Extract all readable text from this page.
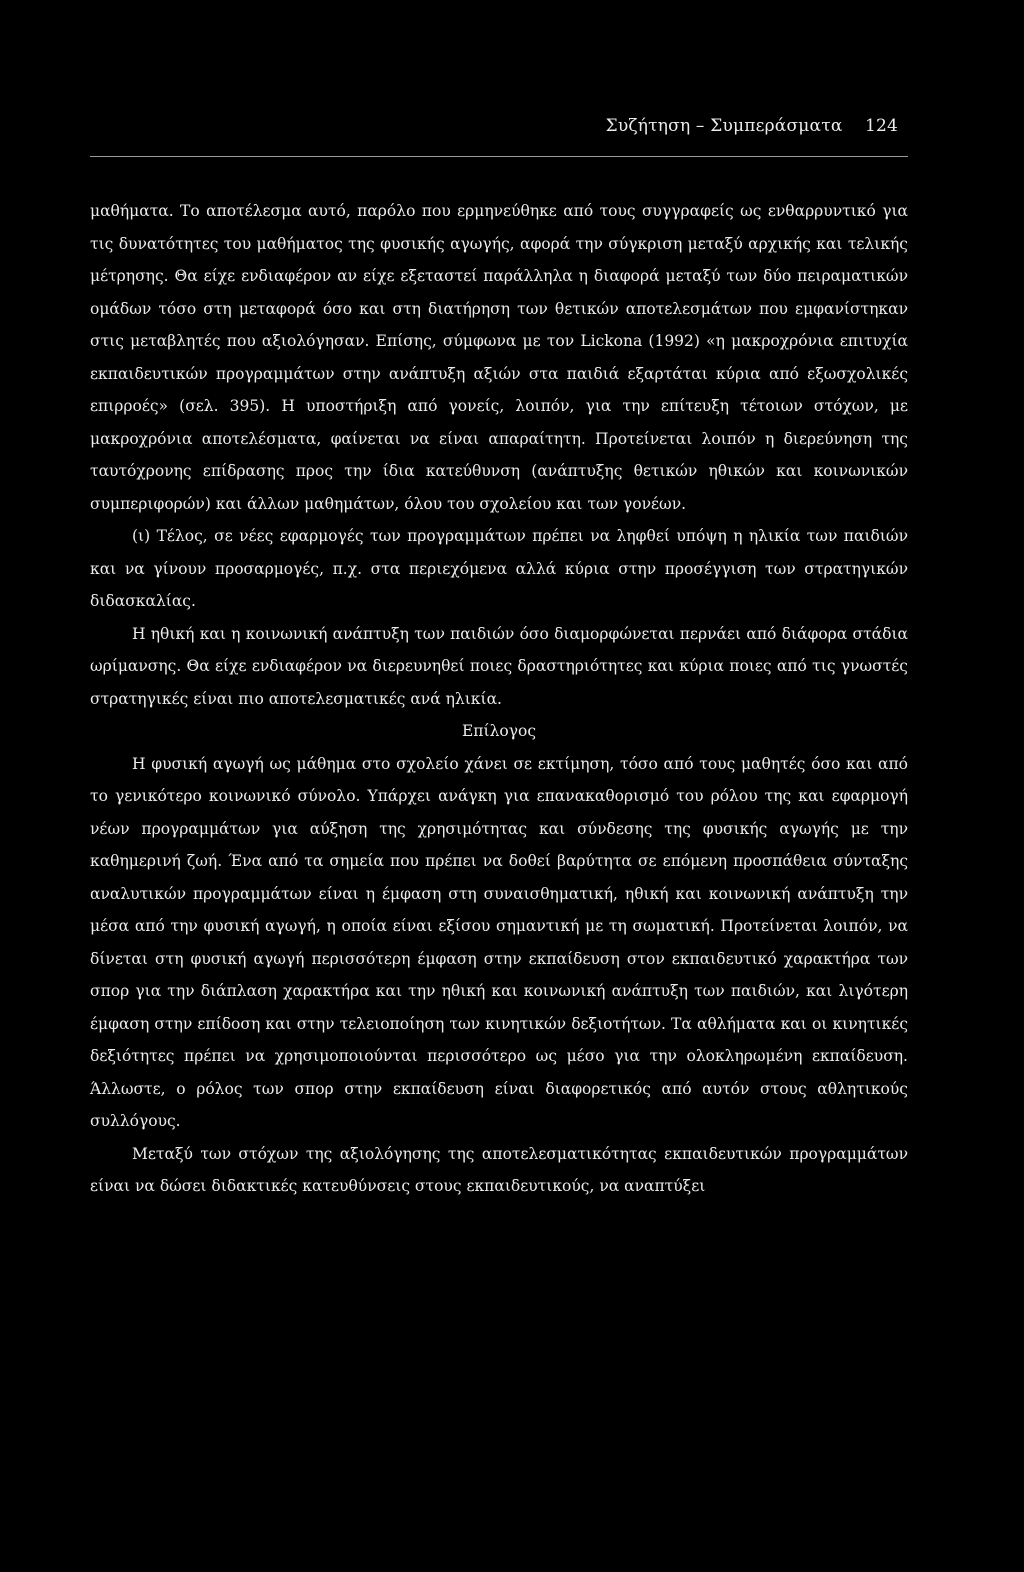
Συζήτηση – Συμπεράσματα 124

μαθήματα. Το αποτέλεσμα αυτό, παρόλο που ερμηνεύθηκε από τους συγγραφείς ως ενθαρρυντικό για τις δυνατότητες του μαθήματος της φυσικής αγωγής, αφορά την σύγκριση μεταξύ αρχικής και τελικής μέτρησης. Θα είχε ενδιαφέρον αν είχε εξεταστεί παράλληλα η διαφορά μεταξύ των δύο πειραματικών ομάδων τόσο στη μεταφορά όσο και στη διατήρηση των θετικών αποτελεσμάτων που εμφανίστηκαν στις μεταβλητές που αξιολόγησαν. Επίσης, σύμφωνα με τον Lickona (1992) «η μακροχρόνια επιτυχία εκπαιδευτικών προγραμμάτων στην ανάπτυξη αξιών στα παιδιά εξαρτάται κύρια από εξωσχολικές επιρροές» (σελ. 395). Η υποστήριξη από γονείς, λοιπόν, για την επίτευξη τέτοιων στόχων, με μακροχρόνια αποτελέσματα, φαίνεται να είναι απαραίτητη. Προτείνεται λοιπόν η διερεύνηση της ταυτόχρονης επίδρασης προς την ίδια κατεύθυνση (ανάπτυξης θετικών ηθικών και κοινωνικών συμπεριφορών) και άλλων μαθημάτων, όλου του σχολείου και των γονέων.

(ι) Τέλος, σε νέες εφαρμογές των προγραμμάτων πρέπει να ληφθεί υπόψη η ηλικία των παιδιών και να γίνουν προσαρμογές, π.χ. στα περιεχόμενα αλλά κύρια στην προσέγγιση των στρατηγικών διδασκαλίας.

Η ηθική και η κοινωνική ανάπτυξη των παιδιών όσο διαμορφώνεται περνάει από διάφορα στάδια ωρίμανσης. Θα είχε ενδιαφέρον να διερευνηθεί ποιες δραστηριότητες και κύρια ποιες από τις γνωστές στρατηγικές είναι πιο αποτελεσματικές ανά ηλικία.

Επίλογος

Η φυσική αγωγή ως μάθημα στο σχολείο χάνει σε εκτίμηση, τόσο από τους μαθητές όσο και από το γενικότερο κοινωνικό σύνολο. Υπάρχει ανάγκη για επανακαθορισμό του ρόλου της και εφαρμογή νέων προγραμμάτων για αύξηση της χρησιμότητας και σύνδεσης της φυσικής αγωγής με την καθημερινή ζωή. Ένα από τα σημεία που πρέπει να δοθεί βαρύτητα σε επόμενη προσπάθεια σύνταξης αναλυτικών προγραμμάτων είναι η έμφαση στη συναισθηματική, ηθική και κοινωνική ανάπτυξη την μέσα από την φυσική αγωγή, η οποία είναι εξίσου σημαντική με τη σωματική. Προτείνεται λοιπόν, να δίνεται στη φυσική αγωγή περισσότερη έμφαση στην εκπαίδευση στον εκπαιδευτικό χαρακτήρα των σπορ για την διάπλαση χαρακτήρα και την ηθική και κοινωνική ανάπτυξη των παιδιών, και λιγότερη έμφαση στην επίδοση και στην τελειοποίηση των κινητικών δεξιοτήτων. Τα αθλήματα και οι κινητικές δεξιότητες πρέπει να χρησιμοποιούνται περισσότερο ως μέσο για την ολοκληρωμένη εκπαίδευση. Άλλωστε, ο ρόλος των σπορ στην εκπαίδευση είναι διαφορετικός από αυτόν στους αθλητικούς συλλόγους.

Μεταξύ των στόχων της αξιολόγησης της αποτελεσματικότητας εκπαιδευτικών προγραμμάτων είναι να δώσει διδακτικές κατευθύνσεις στους εκπαιδευτικούς, να αναπτύξει
